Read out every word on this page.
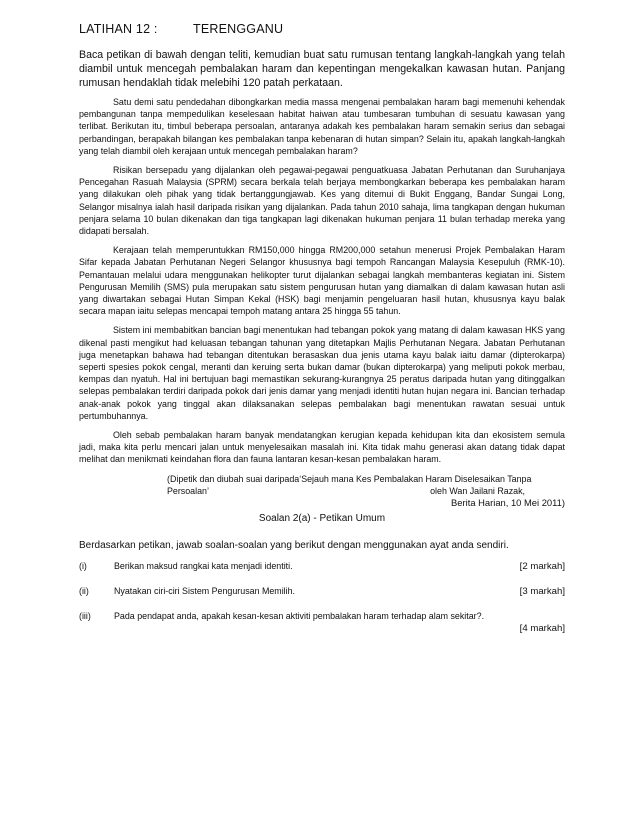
LATIHAN 12 :	TERENGGANU
Baca petikan di bawah dengan teliti, kemudian buat satu rumusan tentang langkah-langkah yang telah diambil untuk mencegah pembalakan haram dan kepentingan mengekalkan kawasan hutan. Panjang rumusan hendaklah tidak melebihi 120 patah perkataan.

Satu demi satu pendedahan dibongkarkan media massa mengenai pembalakan haram bagi memenuhi kehendak pembangunan tanpa mempedulikan keselesaan habitat haiwan atau tumbesaran tumbuhan di sesuatu kawasan yang terlibat. Berikutan itu, timbul beberapa persoalan, antaranya adakah kes pembalakan haram semakin serius dan sebagai perbandingan, berapakah bilangan kes pembalakan tanpa kebenaran di hutan simpan? Selain itu, apakah langkah-langkah yang telah diambil oleh kerajaan untuk mencegah pembalakan haram?

Risikan bersepadu yang dijalankan oleh pegawai-pegawai penguatkuasa Jabatan Perhutanan dan Suruhanjaya Pencegahan Rasuah Malaysia (SPRM) secara berkala telah berjaya membongkarkan beberapa kes pembalakan haram yang dilakukan oleh pihak yang tidak bertanggungjawab. Kes yang ditemui di Bukit Enggang, Bandar Sungai Long, Selangor misalnya ialah hasil daripada risikan yang dijalankan. Pada tahun 2010 sahaja, lima tangkapan dengan hukuman penjara selama 10 bulan dikenakan dan tiga tangkapan lagi dikenakan hukuman penjara 11 bulan terhadap mereka yang didapati bersalah.

Kerajaan telah memperuntukkan RM150,000 hingga RM200,000 setahun menerusi Projek Pembalakan Haram Sifar kepada Jabatan Perhutanan Negeri Selangor khususnya bagi tempoh Rancangan Malaysia Kesepuluh (RMK-10). Pemantauan melalui udara menggunakan helikopter turut dijalankan sebagai langkah membanteras kegiatan ini. Sistem Pengurusan Memilih (SMS) pula merupakan satu sistem pengurusan hutan yang diamalkan di dalam kawasan hutan asli yang diwartakan sebagai Hutan Simpan Kekal (HSK) bagi menjamin pengeluaran hasil hutan, khususnya kayu balak secara mapan iaitu selepas mencapai tempoh matang antara 25 hingga 55 tahun.

Sistem ini membabitkan bancian bagi menentukan had tebangan pokok yang matang di dalam kawasan HKS yang dikenal pasti mengikut had keluasan tebangan tahunan yang ditetapkan Majlis Perhutanan Negara. Jabatan Perhutanan juga menetapkan bahawa had tebangan ditentukan berasaskan dua jenis utama kayu balak iaitu damar (dipterokarpa) seperti spesies pokok cengal, meranti dan keruing serta bukan damar (bukan dipterokarpa) yang meliputi pokok merbau, kempas dan nyatuh. Hal ini bertujuan bagi memastikan sekurang-kurangnya 25 peratus daripada hutan yang ditinggalkan selepas pembalakan terdiri daripada pokok dari jenis damar yang menjadi identiti hutan hujan negara ini. Bancian terhadap anak-anak pokok yang tinggal akan dilaksanakan selepas pembalakan bagi menentukan rawatan sesuai untuk pertumbuhannya.

Oleh sebab pembalakan haram banyak mendatangkan kerugian kepada kehidupan kita dan ekosistem semula jadi, maka kita perlu mencari jalan untuk menyelesaikan masalah ini. Kita tidak mahu generasi akan datang tidak dapat melihat dan menikmati keindahan flora dan fauna lantaran kesan-kesan pembalakan haram.

(Dipetik dan diubah suai daripada‘Sejauh mana Kes Pembalakan Haram Diselesaikan Tanpa Persoalan’	oleh Wan Jailani Razak,
Berita Harian, 10 Mei 2011)
Soalan 2(a) - Petikan Umum
Berdasarkan petikan, jawab soalan-soalan yang berikut dengan menggunakan ayat anda sendiri.
(i)	Berikan maksud rangkai kata menjadi identiti.	[2 markah]
(ii)	Nyatakan ciri-ciri Sistem Pengurusan Memilih.	[3 markah]
(iii)	Pada pendapat anda, apakah kesan-kesan aktiviti pembalakan haram terhadap alam sekitar?.
[4 markah]
